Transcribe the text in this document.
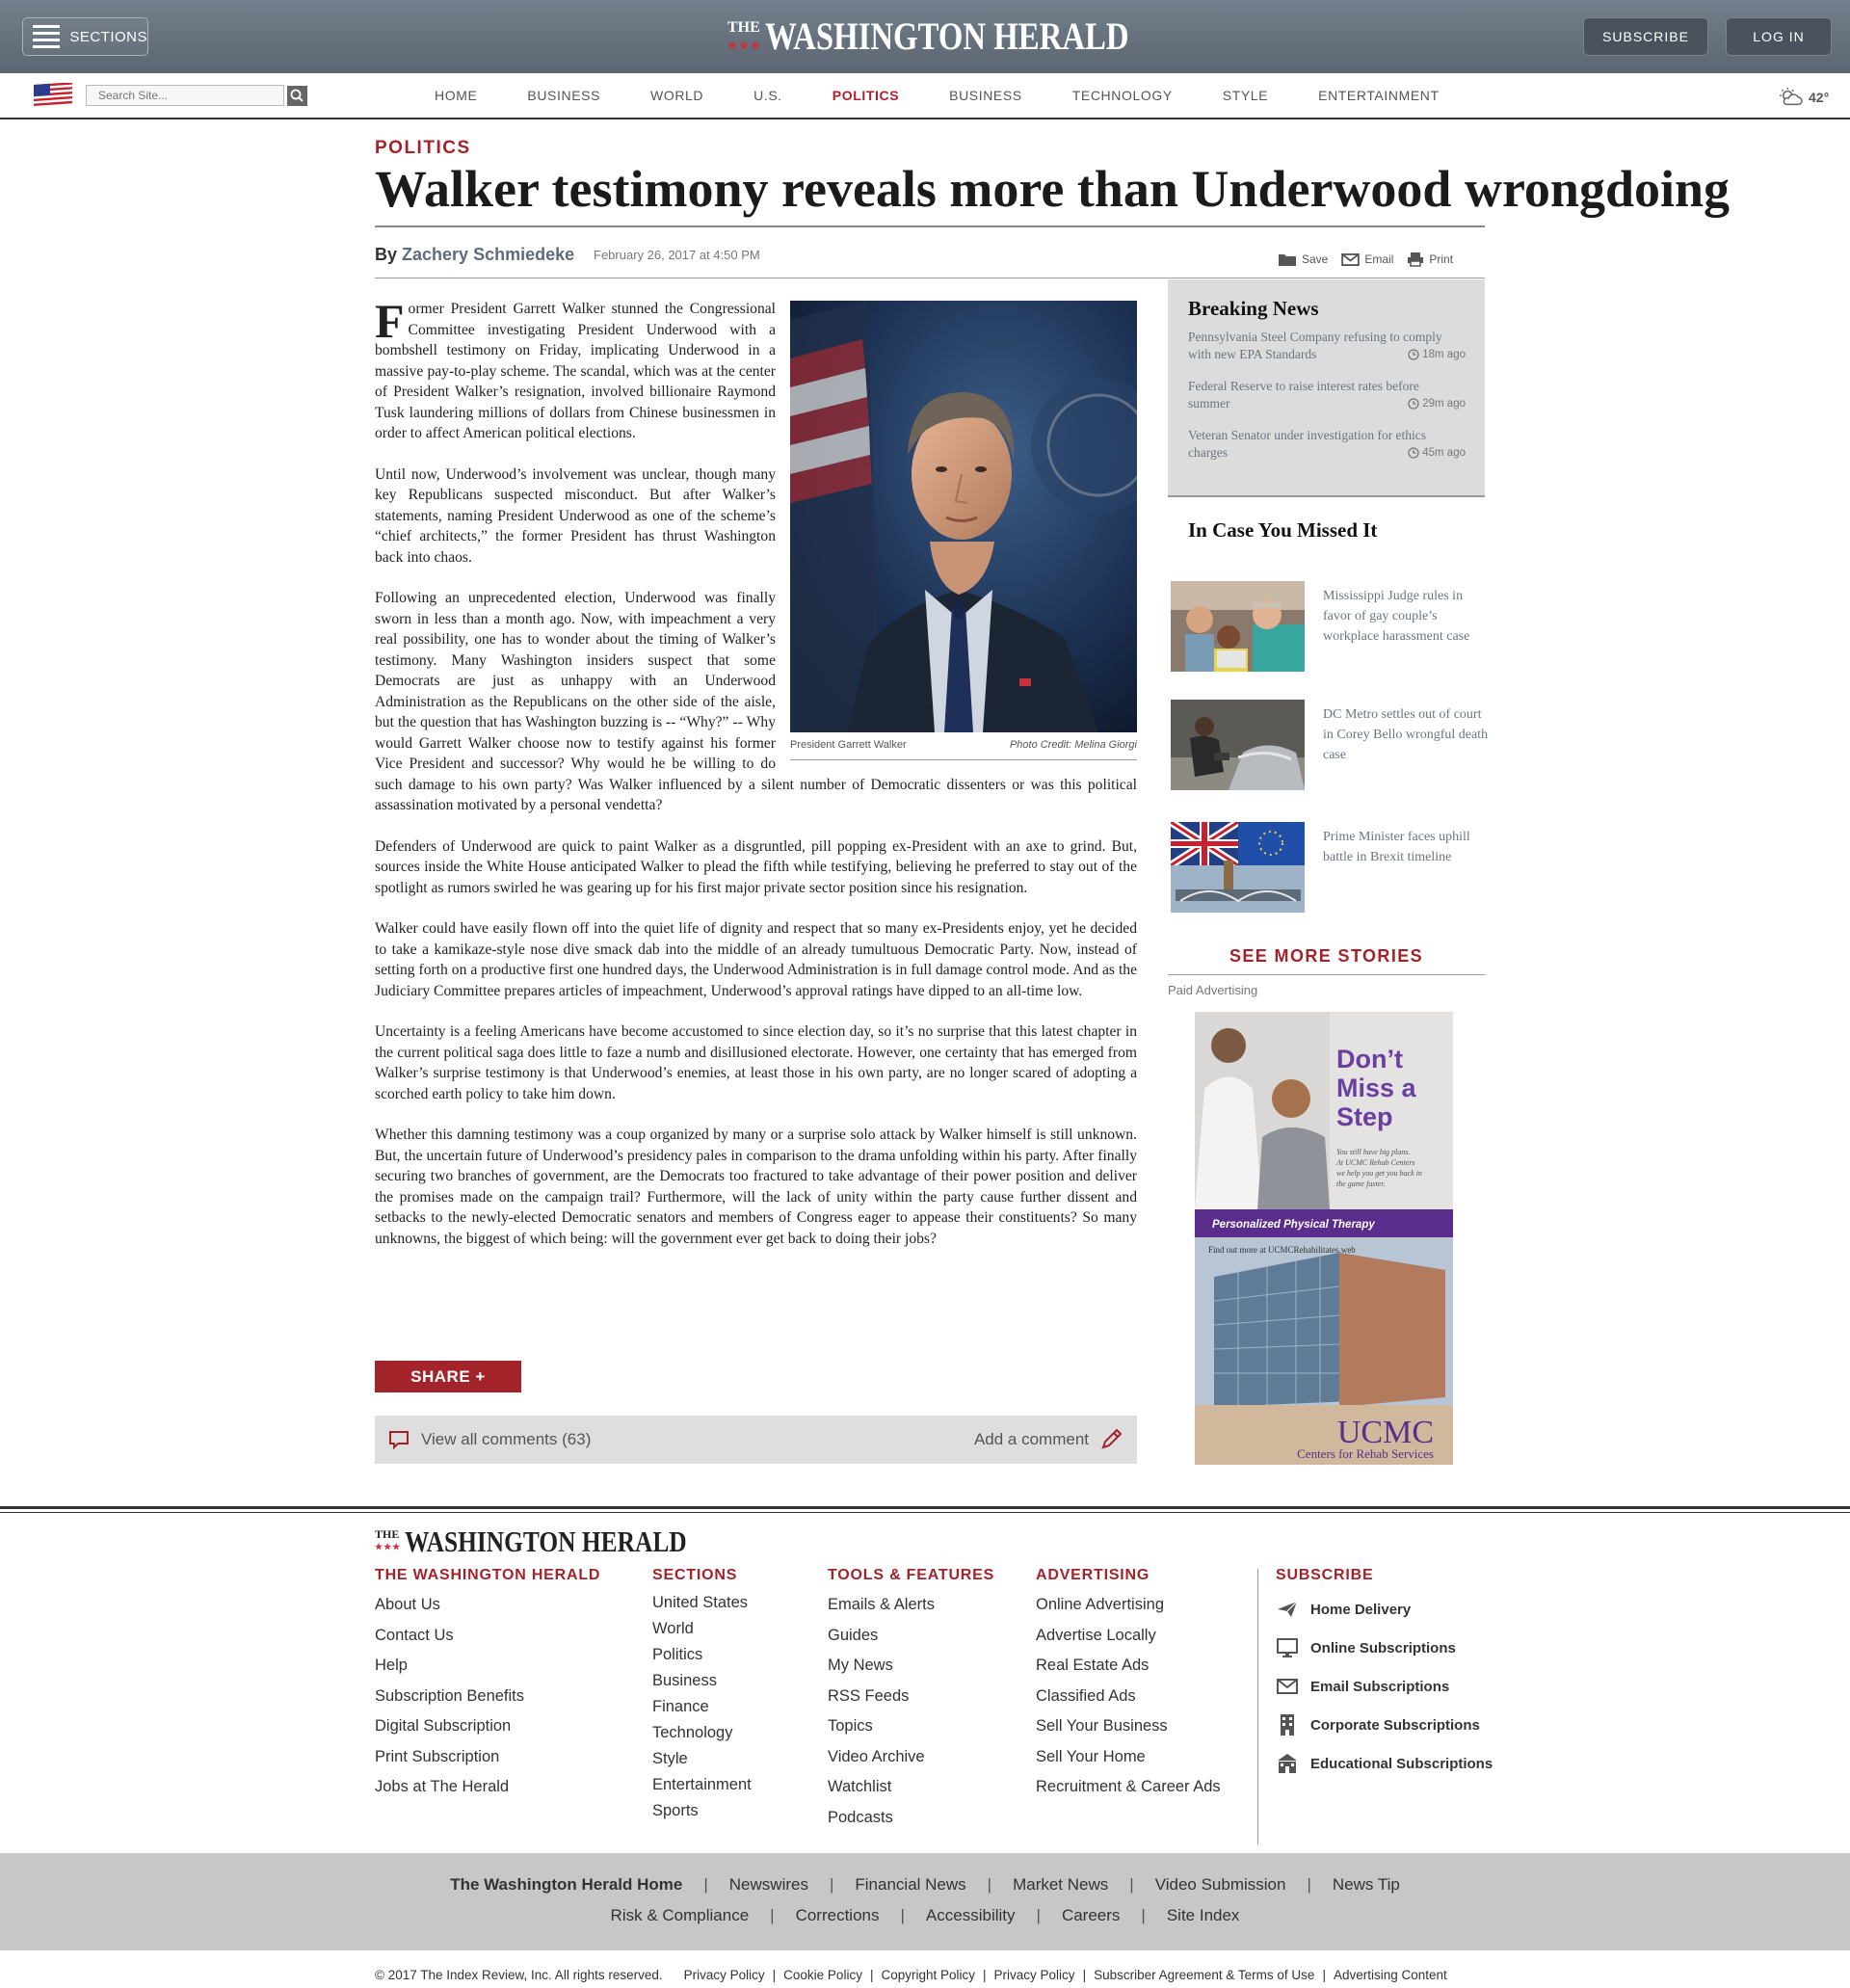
SECTIONS
THE
★★★ WASHINGTON HERALD	SUBSCRIBE	LOG IN
Search Site...
HOME	BUSINESS	WORLD	U.S.	POLITICS	BUSINESS	TECHNOLOGY	STYLE	ENTERTAINMENT	42°
POLITICS
Walker testimony reveals more than Underwood wrongdoing
By Zachery Schmiedeke February 26, 2017 at 4:50 PM	Save	Email	Print
President Garrett Walker	Photo Credit: Melina Giorgi

Former President Garrett Walker stunned the Congressional Committee investigating President Underwood with a bombshell testimony on Friday, implicating Underwood in a massive pay-to-play scheme. The scandal, which was at the center of President Walker’s resignation, involved billionaire Raymond Tusk laundering millions of dollars from Chinese businessmen in order to affect American political elections.

Until now, Underwood’s involvement was unclear, though many key Republicans suspected misconduct. But after Walker’s statements, naming President Underwood as one of the scheme’s “chief architects,” the former President has thrust Washington back into chaos.

Following an unprecedented election, Underwood was finally sworn in less than a month ago. Now, with impeachment a very real possibility, one has to wonder about the timing of Walker’s testimony. Many Washington insiders suspect that some Democrats are just as unhappy with an Underwood Administration as the Republicans on the other side of the aisle, but the question that has Washington buzzing is -- “Why?” -- Why would Garrett Walker choose now to testify against his former Vice President and successor? Why would he be willing to do such damage to his own party? Was Walker influenced by a silent number of Democratic dissenters or was this political assassination motivated by a personal vendetta?

Defenders of Underwood are quick to paint Walker as a disgruntled, pill popping ex-President with an axe to grind. But, sources inside the White House anticipated Walker to plead the fifth while testifying, believing he preferred to stay out of the spotlight as rumors swirled he was gearing up for his first major private sector position since his resignation.

Walker could have easily flown off into the quiet life of dignity and respect that so many ex-Presidents enjoy, yet he decided to take a kamikaze-style nose dive smack dab into the middle of an already tumultuous Democratic Party. Now, instead of setting forth on a productive first one hundred days, the Underwood Administration is in full damage control mode. And as the Judiciary Committee prepares articles of impeachment, Underwood’s approval ratings have dipped to an all-time low.

Uncertainty is a feeling Americans have become accustomed to since election day, so it’s no surprise that this latest chapter in the current political saga does little to faze a numb and disillusioned electorate. However, one certainty that has emerged from Walker’s surprise testimony is that Underwood’s enemies, at least those in his own party, are no longer scared of adopting a scorched earth policy to take him down.

Whether this damning testimony was a coup organized by many or a surprise solo attack by Walker himself is still unknown. But, the uncertain future of Underwood’s presidency pales in comparison to the drama unfolding within his party. After finally securing two branches of government, are the Democrats too fractured to take advantage of their power position and deliver the promises made on the campaign trail? Furthermore, will the lack of unity within the party cause further dissent and setbacks to the newly-elected Democratic senators and members of Congress eager to appease their constituents? So many unknowns, the biggest of which being: will the government ever get back to doing their jobs?

SHARE +
View all comments (63)	Add a comment
Breaking News
Pennsylvania Steel Company refusing to comply with new EPA Standards	18m ago
Federal Reserve to raise interest rates before summer	29m ago
Veteran Senator under investigation for ethics charges	45m ago
In Case You Missed It
Mississippi Judge rules in favor of gay couple’s workplace harassment case
DC Metro settles out of court in Corey Bello wrongful death case
Prime Minister faces uphill battle in Brexit timeline
SEE MORE STORIES
Paid Advertising
Don’t
Miss a
Step
You still have big plans.
At UCMC Rehab Centers
we help you get you back in
the game faster.
Personalized Physical Therapy
Find out more at UCMCRehabilitates.web
UCMC
Centers for Rehab Services
THE
★★★ WASHINGTON HERALD
THE WASHINGTON HERALD
About Us
Contact Us
Help
Subscription Benefits
Digital Subscription
Print Subscription
Jobs at The Herald
SECTIONS
United States
World
Politics
Business
Finance
Technology
Style
Entertainment
Sports
TOOLS & FEATURES
Emails & Alerts
Guides
My News
RSS Feeds
Topics
Video Archive
Watchlist
Podcasts
ADVERTISING
Online Advertising
Advertise Locally
Real Estate Ads
Classified Ads
Sell Your Business
Sell Your Home
Recruitment & Career Ads
SUBSCRIBE
Home Delivery
Online Subscriptions
Email Subscriptions
Corporate Subscriptions
Educational Subscriptions
The Washington Herald Home | Newswires | Financial News | Market News | Video Submission | News Tip
Risk & Compliance | Corrections | Accessibility | Careers | Site Index
© 2017 The Index Review, Inc. All rights reserved. Privacy Policy | Cookie Policy | Copyright Policy | Privacy Policy | Subscriber Agreement & Terms of Use | Advertising Content
